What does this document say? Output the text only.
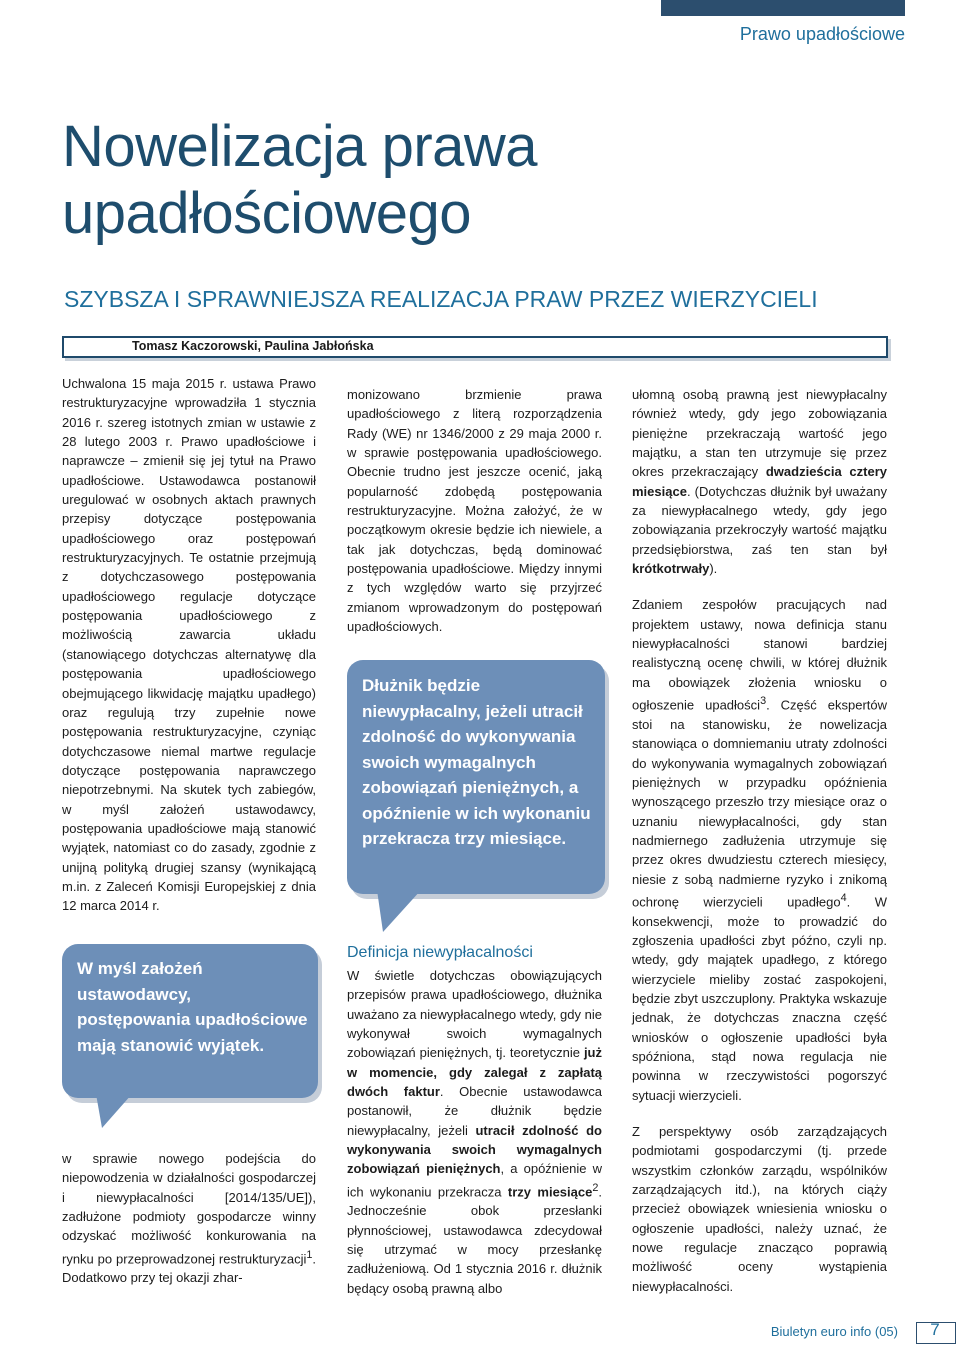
Prawo upadłościowe
Nowelizacja prawa upadłościowego
SZYBSZA I SPRAWNIEJSZA REALIZACJA PRAW PRZEZ WIERZYCIELI
Tomasz Kaczorowski, Paulina Jabłońska

Uchwalona 15 maja 2015 r. ustawa Prawo restrukturyzacyjne wprowadziła 1 stycznia 2016 r. szereg istotnych zmian w ustawie z 28 lutego 2003 r. Prawo upadłościowe i naprawcze – zmienił się jej tytuł na Prawo upadłościowe. Ustawodawca postanowił uregulować w osobnych aktach prawnych przepisy dotyczące postępowania upadłościowego oraz postępowań restrukturyzacyjnych. Te ostatnie przejmują z dotychczasowego postępowania upadłościowego regulacje dotyczące postępowania upadłościowego z możliwością zawarcia układu (stanowiącego dotychczas alternatywę dla postępowania upadłościowego obejmującego likwidację majątku upadłego) oraz regulują trzy zupełnie nowe postępowania restrukturyzacyjne, czyniąc dotychczasowe niemal martwe regulacje dotyczące postępowania naprawczego niepotrzebnymi. Na skutek tych zabiegów, w myśl założeń ustawodawcy, postępowania upadłościowe mają stanowić wyjątek, natomiast co do zasady, zgodnie z unijną polityką drugiej szansy (wynikającą m.in. z Zaleceń Komisji Europejskiej z dnia 12 marca 2014 r.

W myśl założeń ustawodawcy, postępowania upadłościowe mają stanowić wyjątek.

w sprawie nowego podejścia do niepowodzenia w działalności gospodarczej i niewypłacalności [2014/135/UE]), zadłużone podmioty gospodarcze winny odzyskać możliwość konkurowania na rynku po przeprowadzonej restrukturyzacji$^1$. Dodatkowo przy tej okazji zhar-

monizowano brzmienie prawa upadłościowego z literą rozporządzenia Rady (WE) nr 1346/2000 z 29 maja 2000 r. w sprawie postępowania upadłościowego. Obecnie trudno jest jeszcze ocenić, jaką popularność zdobędą postępowania restrukturyzacyjne. Można założyć, że w początkowym okresie będzie ich niewiele, a tak jak dotychczas, będą dominować postępowania upadłościowe. Między innymi z tych względów warto się przyjrzeć zmianom wprowadzonym do postępowań upadłościowych.

Dłużnik będzie niewypłacalny, jeżeli utracił zdolność do wykonywania swoich wymagalnych zobowiązań pieniężnych, a opóźnienie w ich wykonaniu przekracza trzy miesiące.
Definicja niewypłacalności

W świetle dotychczas obowiązujących przepisów prawa upadłościowego, dłużnika uważano za niewypłacalnego wtedy, gdy nie wykonywał swoich wymagalnych zobowiązań pieniężnych, tj. teoretycznie już w momencie, gdy zalegał z zapłatą dwóch faktur. Obecnie ustawodawca postanowił, że dłużnik będzie niewypłacalny, jeżeli utracił zdolność do wykonywania swoich wymagalnych zobowiązań pieniężnych, a opóźnienie w ich wykonaniu przekracza trzy miesiące$^2$. Jednocześnie obok przesłanki płynnościowej, ustawodawca zdecydował się utrzymać w mocy przesłankę zadłużeniową. Od 1 stycznia 2016 r. dłużnik będący osobą prawną albo

ułomną osobą prawną jest niewypłacalny również wtedy, gdy jego zobowiązania pieniężne przekraczają wartość jego majątku, a stan ten utrzymuje się przez okres przekraczający dwadzieścia cztery miesiące. (Dotychczas dłużnik był uważany za niewypłacalnego wtedy, gdy jego zobowiązania przekroczyły wartość majątku przedsiębiorstwa, zaś ten stan był krótkotrwały).

Zdaniem zespołów pracujących nad projektem ustawy, nowa definicja stanu niewypłacalności stanowi bardziej realistyczną ocenę chwili, w której dłużnik ma obowiązek złożenia wniosku o ogłoszenie upadłości$^3$. Część ekspertów stoi na stanowisku, że nowelizacja stanowiąca o domniemaniu utraty zdolności do wykonywania wymagalnych zobowiązań pieniężnych w przypadku opóźnienia wynoszącego przeszło trzy miesiące oraz o uznaniu niewypłacalności, gdy stan nadmiernego zadłużenia utrzymuje się przez okres dwudziestu czterech miesięcy, niesie z sobą nadmierne ryzyko i znikomą ochronę wierzycieli upadłego$^4$. W konsekwencji, może to prowadzić do zgłoszenia upadłości zbyt późno, czyli np. wtedy, gdy majątek upadłego, z którego wierzyciele mieliby zostać zaspokojeni, będzie zbyt uszczuplony. Praktyka wskazuje jednak, że dotychczas znaczna część wniosków o ogłoszenie upadłości była spóźniona, stąd nowa regulacja nie powinna w rzeczywistości pogorszyć sytuacji wierzycieli.

Z perspektywy osób zarządzających podmiotami gospodarczymi (tj. przede wszystkim członków zarządu, wspólników zarządzających itd.), na których ciąży przecież obowiązek wniesienia wniosku o ogłoszenie upadłości, należy uznać, że nowe regulacje znacząco poprawią możliwość oceny wystąpienia niewypłacalności.

Biuletyn euro info (05)	7
